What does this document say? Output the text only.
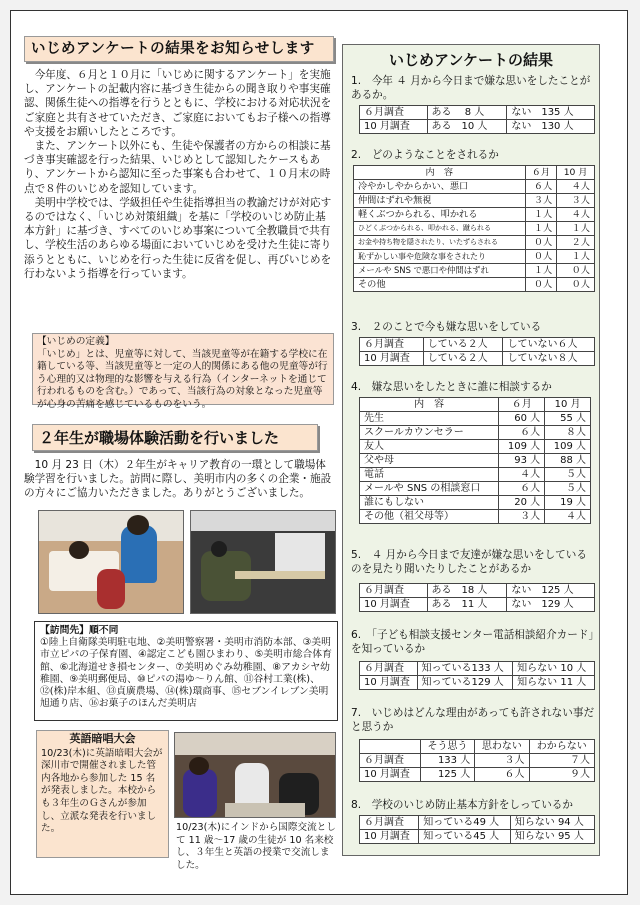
いじめアンケートの結果をお知らせします

今年度、６月と１０月に「いじめに関するアンケート」を実施し、アンケートの記載内容に基づき生徒からの聞き取りや事実確認、関係生徒への指導を行うとともに、学校における対応状況をご家庭と共有させていただき、ご家庭においてもお子様への指導や支援をお願いしたところです。

また、アンケート以外にも、生徒や保護者の方からの相談に基づき事実確認を行った結果、いじめとして認知したケースもあり、アンケートから認知に至った事案も合わせて、１０月末の時点で８件のいじめを認知しています。

美明中学校では、学級担任や生徒指導担当の教諭だけが対応するのではなく、「いじめ対策組織」を基に「学校のいじめ防止基本方針」に基づき、すべてのいじめ事案について全教職員で共有し、学校生活のあらゆる場面においていじめを受けた生徒に寄り添うとともに、いじめを行った生徒に反省を促し、再びいじめを行わないよう指導を行っています。

【いじめの定義】
「いじめ」とは、児童等に対して、当該児童等が在籍する学校に在籍している等、当該児童等と一定の人的関係にある他の児童等が行う心理的又は物理的な影響を与える行為（インターネットを通じて行われるものを含む。）であって、当該行為の対象となった児童等が心身の苦痛を感じているものをいう。
２年生が職場体験活動を行いました
10 月 23 日（木）２年生がキャリア教育の一環として職場体験学習を行いました。訪問に際し、美明市内の多くの企業・施設の方々にご協力いただきました。ありがとうございました。
【訪問先】順不同
①陸上自衛隊美明駐屯地、②美明警察署・美明市消防本部、③美明市立ピパの子保育園、④認定こども園ひまわり、⑤美明市総合体育館、⑥北海道せき損センター、⑦美明めぐみ幼稚園、⑧アカシヤ幼稚園、⑨美明郵便局、⑩ピパの湯ゆ～りん館、⑪谷村工業(株)、⑫(株)岸本組、⑬貞廣農場、⑭(株)環商事、⑮セブンイレブン美明旭通り店、⑯お菓子のほんだ美明店
英語暗唱大会
10/23(木)に英語暗唱大会が深川市で開催されました管内各地から参加した 15 名が発表しました。本校からも３年生のＧさんが参加し、立派な発表を行いました。	10/23(木)にインドから国際交流として 11 歳～17 歳の生徒が 10 名来校し、３年生と英語の授業で交流しました。
いじめアンケートの結果
1.　今年 ４ 月から今日まで嫌な思いをしたことがあるか。
６月調査	ある　 8 人	ない　135 人
10 月調査	ある　10 人	ない　130 人
2.　どのようなことをされるか
内　容	６月	10 月
冷やかしやからかい、悪口	６人	４人
仲間はずれや無視	３人	３人
軽くぶつかられる、叩かれる	１人	４人
ひどくぶつかられる、叩かれる、蹴られる	１人	１人
お金や持ち物を隠されたり、いたずらされる	０人	２人
恥ずかしい事や危険な事をされたり	０人	１人
メールや SNS で悪口や仲間はずれ	１人	０人
その他	０人	０人
3.　２のことで今も嫌な思いをしている
６月調査	している２人	していない６人
10 月調査	している２人	していない８人
4.　嫌な思いをしたときに誰に相談するか
内　容	６月	10 月
先生	60 人	55 人
スクールカウンセラー	６人	８人
友人	109 人	109 人
父や母	93 人	88 人
電話	４人	５人
メールや SNS の相談窓口	６人	５人
誰にもしない	20 人	19 人
その他（祖父母等）	３人	４人
5.　４ 月から今日まで友達が嫌な思いをしているのを見たり聞いたりしたことがあるか
６月調査	ある　18 人	ない　125 人
10 月調査	ある　11 人	ない　129 人
6.　「子ども相談支援センター電話相談紹介カード」を知っているか
６月調査	知っている133 人	知らない 10 人
10 月調査	知っている129 人	知らない 11 人
7.　いじめはどんな理由があっても許されない事だと思うか
	そう思う	思わない	わからない
６月調査	133 人	３人	７人
10 月調査	125 人	６人	９人
8.　学校のいじめ防止基本方針をしっているか
６月調査	知っている49 人	知らない 94 人
10 月調査	知っている45 人	知らない 95 人
